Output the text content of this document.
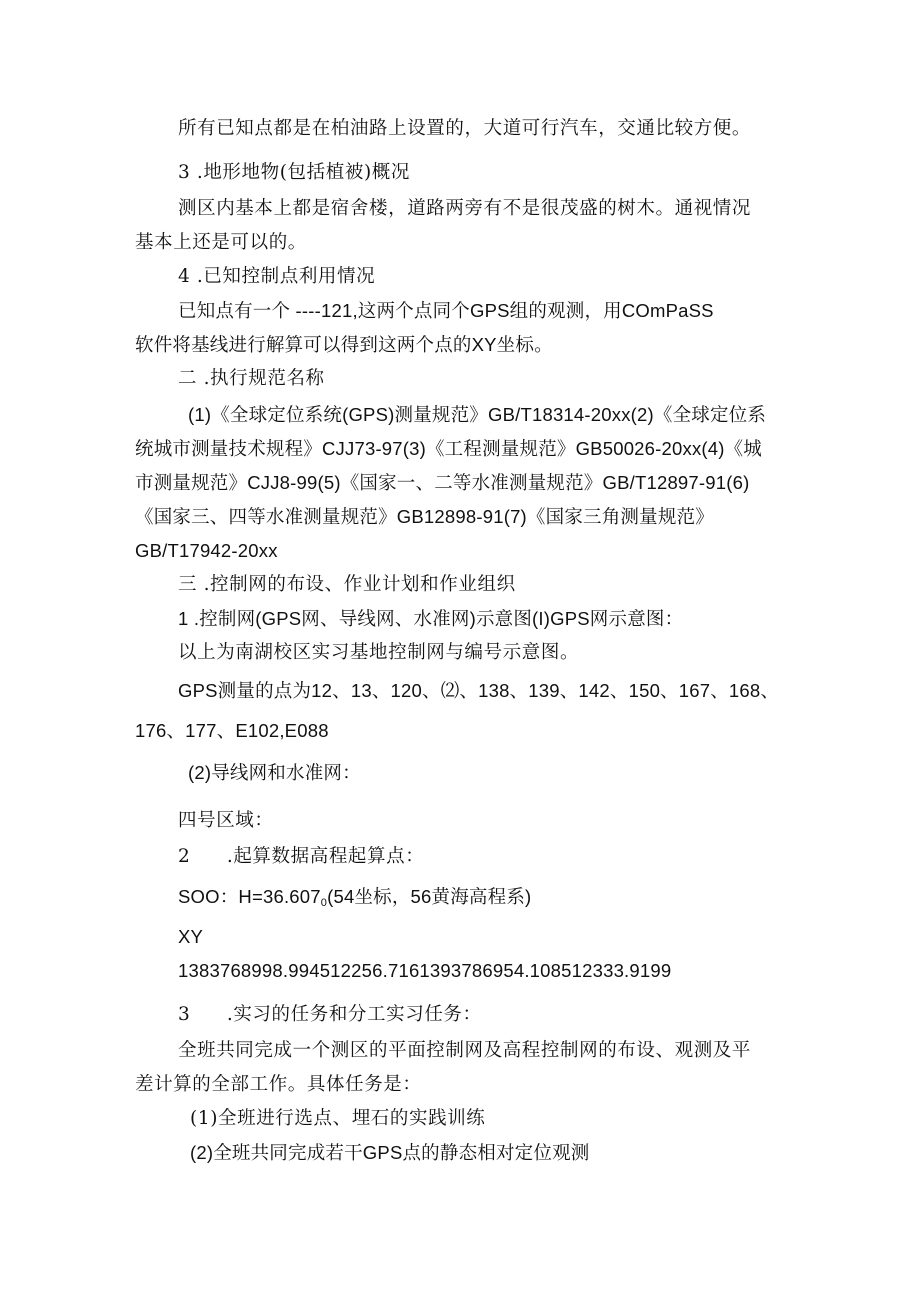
所有已知点都是在柏油路上设置的，大道可行汽车，交通比较方便。
3 .地形地物(包括植被)概况
测区内基本上都是宿舍楼，道路两旁有不是很茂盛的树木。通视情况
基本上还是可以的。
4 .已知控制点利用情况
已知点有一个 ----121,这两个点同个GPS组的观测，用COmPaSS
软件将基线进行解算可以得到这两个点的XY坐标。
二 .执行规范名称
(1)《全球定位系统(GPS)测量规范》GB/T18314-20xx(2)《全球定位系
统城市测量技术规程》CJJ73-97(3)《工程测量规范》GB50026-20xx(4)《城
市测量规范》CJJ8-99(5)《国家一、二等水准测量规范》GB/T12897-91(6)
《国家三、四等水准测量规范》GB12898-91(7)《国家三角测量规范》
GB/T17942-20xx
三 .控制网的布设、作业计划和作业组织
1 .控制网(GPS网、导线网、水准网)示意图(I)GPS网示意图：
以上为南湖校区实习基地控制网与编号示意图。
GPS测量的点为12、13、120、⑵、138、139、142、150、167、168、
176、177、E102,E088
(2)导线网和水准网：
四号区域：
2 .起算数据高程起算点：
SOO：$H=36.607_0(54$坐标，56黄海高程系)
XY
1383768998.994512256.7161393786954.108512333.9199
3 .实习的任务和分工实习任务：
全班共同完成一个测区的平面控制网及高程控制网的布设、观测及平
差计算的全部工作。具体任务是：
(1)全班进行选点、埋石的实践训练
(2)全班共同完成若干GPS点的静态相对定位观测
